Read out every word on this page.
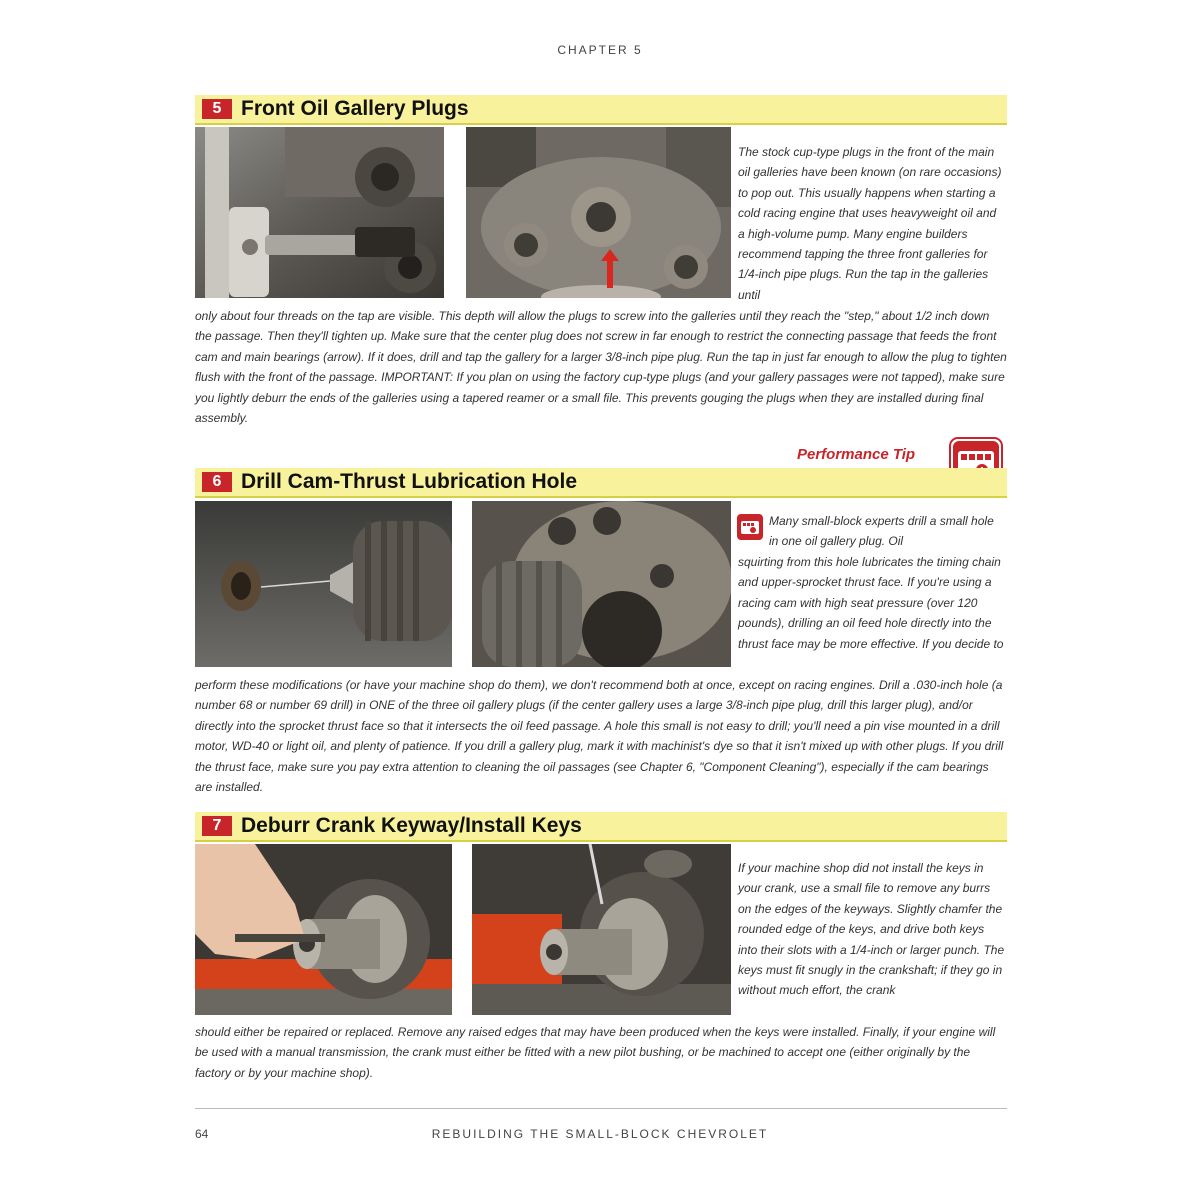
CHAPTER 5
5 Front Oil Gallery Plugs

The stock cup-type plugs in the front of the main oil galleries have been known (on rare occasions) to pop out. This usually happens when starting a cold racing engine that uses heavyweight oil and a high-volume pump. Many engine builders recommend tapping the three front galleries for 1/4-inch pipe plugs. Run the tap in the galleries until

only about four threads on the tap are visible. This depth will allow the plugs to screw into the galleries until they reach the "step," about 1/2 inch down the passage. Then they'll tighten up. Make sure that the center plug does not screw in far enough to restrict the connecting passage that feeds the front cam and main bearings (arrow). If it does, drill and tap the gallery for a larger 3/8-inch pipe plug. Run the tap in just far enough to allow the plug to tighten flush with the front of the passage. IMPORTANT: If you plan on using the factory cup-type plugs (and your gallery passages were not tapped), make sure you lightly deburr the ends of the galleries using a tapered reamer or a small file. This prevents gouging the plugs when they are installed during final assembly.

Performance Tip
6 Drill Cam-Thrust Lubrication Hole

Many small-block experts drill a small hole in one oil gallery plug. Oil

squirting from this hole lubricates the timing chain and upper-sprocket thrust face. If you're using a racing cam with high seat pressure (over 120 pounds), drilling an oil feed hole directly into the thrust face may be more effective. If you decide to

perform these modifications (or have your machine shop do them), we don't recommend both at once, except on racing engines. Drill a .030-inch hole (a number 68 or number 69 drill) in ONE of the three oil gallery plugs (if the center gallery uses a large 3/8-inch pipe plug, drill this larger plug), and/or directly into the sprocket thrust face so that it intersects the oil feed passage. A hole this small is not easy to drill; you'll need a pin vise mounted in a drill motor, WD-40 or light oil, and plenty of patience. If you drill a gallery plug, mark it with machinist's dye so that it isn't mixed up with other plugs. If you drill the thrust face, make sure you pay extra attention to cleaning the oil passages (see Chapter 6, "Component Cleaning"), especially if the cam bearings are installed.

7 Deburr Crank Keyway/Install Keys

If your machine shop did not install the keys in your crank, use a small file to remove any burrs on the edges of the keyways. Slightly chamfer the rounded edge of the keys, and drive both keys into their slots with a 1/4-inch or larger punch. The keys must fit snugly in the crankshaft; if they go in without much effort, the crank

should either be repaired or replaced. Remove any raised edges that may have been produced when the keys were installed. Finally, if your engine will be used with a manual transmission, the crank must either be fitted with a new pilot bushing, or be machined to accept one (either originally by the factory or by your machine shop).

64	REBUILDING THE SMALL-BLOCK CHEVROLET
